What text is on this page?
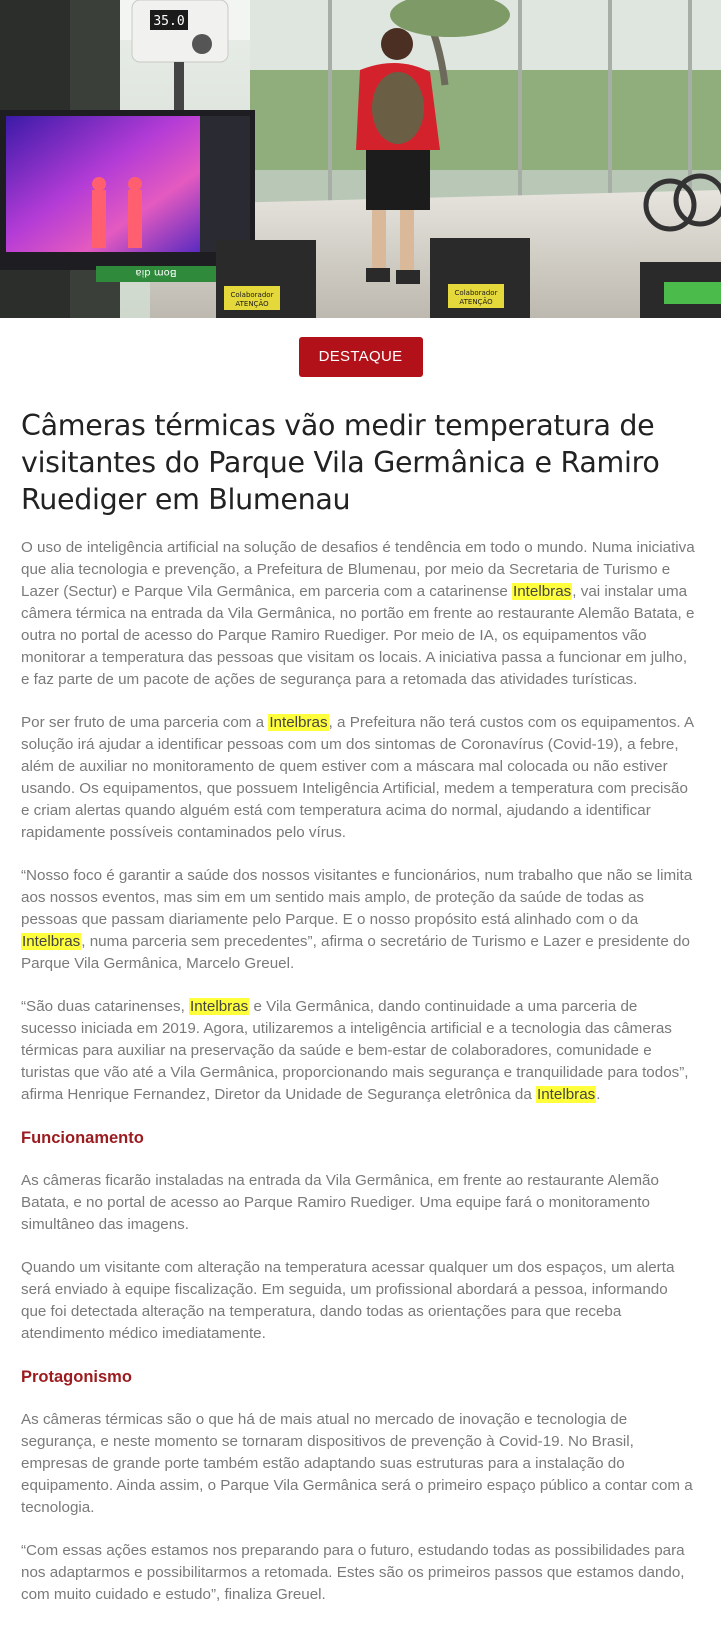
35.0
Bom dia
Colaborador
ATENÇÃO
Colaborador
ATENÇÃO
DESTAQUE
Câmeras térmicas vão medir temperatura de visitantes do Parque Vila Germânica e Ramiro Ruediger em Blumenau

O uso de inteligência artificial na solução de desafios é tendência em todo o mundo. Numa iniciativa que alia tecnologia e prevenção, a Prefeitura de Blumenau, por meio da Secretaria de Turismo e Lazer (Sectur) e Parque Vila Germânica, em parceria com a catarinense Intelbras, vai instalar uma câmera térmica na entrada da Vila Germânica, no portão em frente ao restaurante Alemão Batata, e outra no portal de acesso do Parque Ramiro Ruediger. Por meio de IA, os equipamentos vão monitorar a temperatura das pessoas que visitam os locais. A iniciativa passa a funcionar em julho, e faz parte de um pacote de ações de segurança para a retomada das atividades turísticas.

Por ser fruto de uma parceria com a Intelbras, a Prefeitura não terá custos com os equipamentos. A solução irá ajudar a identificar pessoas com um dos sintomas de Coronavírus (Covid-19), a febre, além de auxiliar no monitoramento de quem estiver com a máscara mal colocada ou não estiver usando. Os equipamentos, que possuem Inteligência Artificial, medem a temperatura com precisão e criam alertas quando alguém está com temperatura acima do normal, ajudando a identificar rapidamente possíveis contaminados pelo vírus.

“Nosso foco é garantir a saúde dos nossos visitantes e funcionários, num trabalho que não se limita aos nossos eventos, mas sim em um sentido mais amplo, de proteção da saúde de todas as pessoas que passam diariamente pelo Parque. E o nosso propósito está alinhado com o da Intelbras, numa parceria sem precedentes”, afirma o secretário de Turismo e Lazer e presidente do Parque Vila Germânica, Marcelo Greuel.

“São duas catarinenses, Intelbras e Vila Germânica, dando continuidade a uma parceria de sucesso iniciada em 2019. Agora, utilizaremos a inteligência artificial e a tecnologia das câmeras térmicas para auxiliar na preservação da saúde e bem-estar de colaboradores, comunidade e turistas que vão até a Vila Germânica, proporcionando mais segurança e tranquilidade para todos”, afirma Henrique Fernandez, Diretor da Unidade de Segurança eletrônica da Intelbras.

Funcionamento

As câmeras ficarão instaladas na entrada da Vila Germânica, em frente ao restaurante Alemão Batata, e no portal de acesso ao Parque Ramiro Ruediger. Uma equipe fará o monitoramento simultâneo das imagens.

Quando um visitante com alteração na temperatura acessar qualquer um dos espaços, um alerta será enviado à equipe fiscalização. Em seguida, um profissional abordará a pessoa, informando que foi detectada alteração na temperatura, dando todas as orientações para que receba atendimento médico imediatamente.

Protagonismo

As câmeras térmicas são o que há de mais atual no mercado de inovação e tecnologia de segurança, e neste momento se tornaram dispositivos de prevenção à Covid-19. No Brasil, empresas de grande porte também estão adaptando suas estruturas para a instalação do equipamento. Ainda assim, o Parque Vila Germânica será o primeiro espaço público a contar com a tecnologia.

“Com essas ações estamos nos preparando para o futuro, estudando todas as possibilidades para nos adaptarmos e possibilitarmos a retomada. Estes são os primeiros passos que estamos dando, com muito cuidado e estudo”, finaliza Greuel.
